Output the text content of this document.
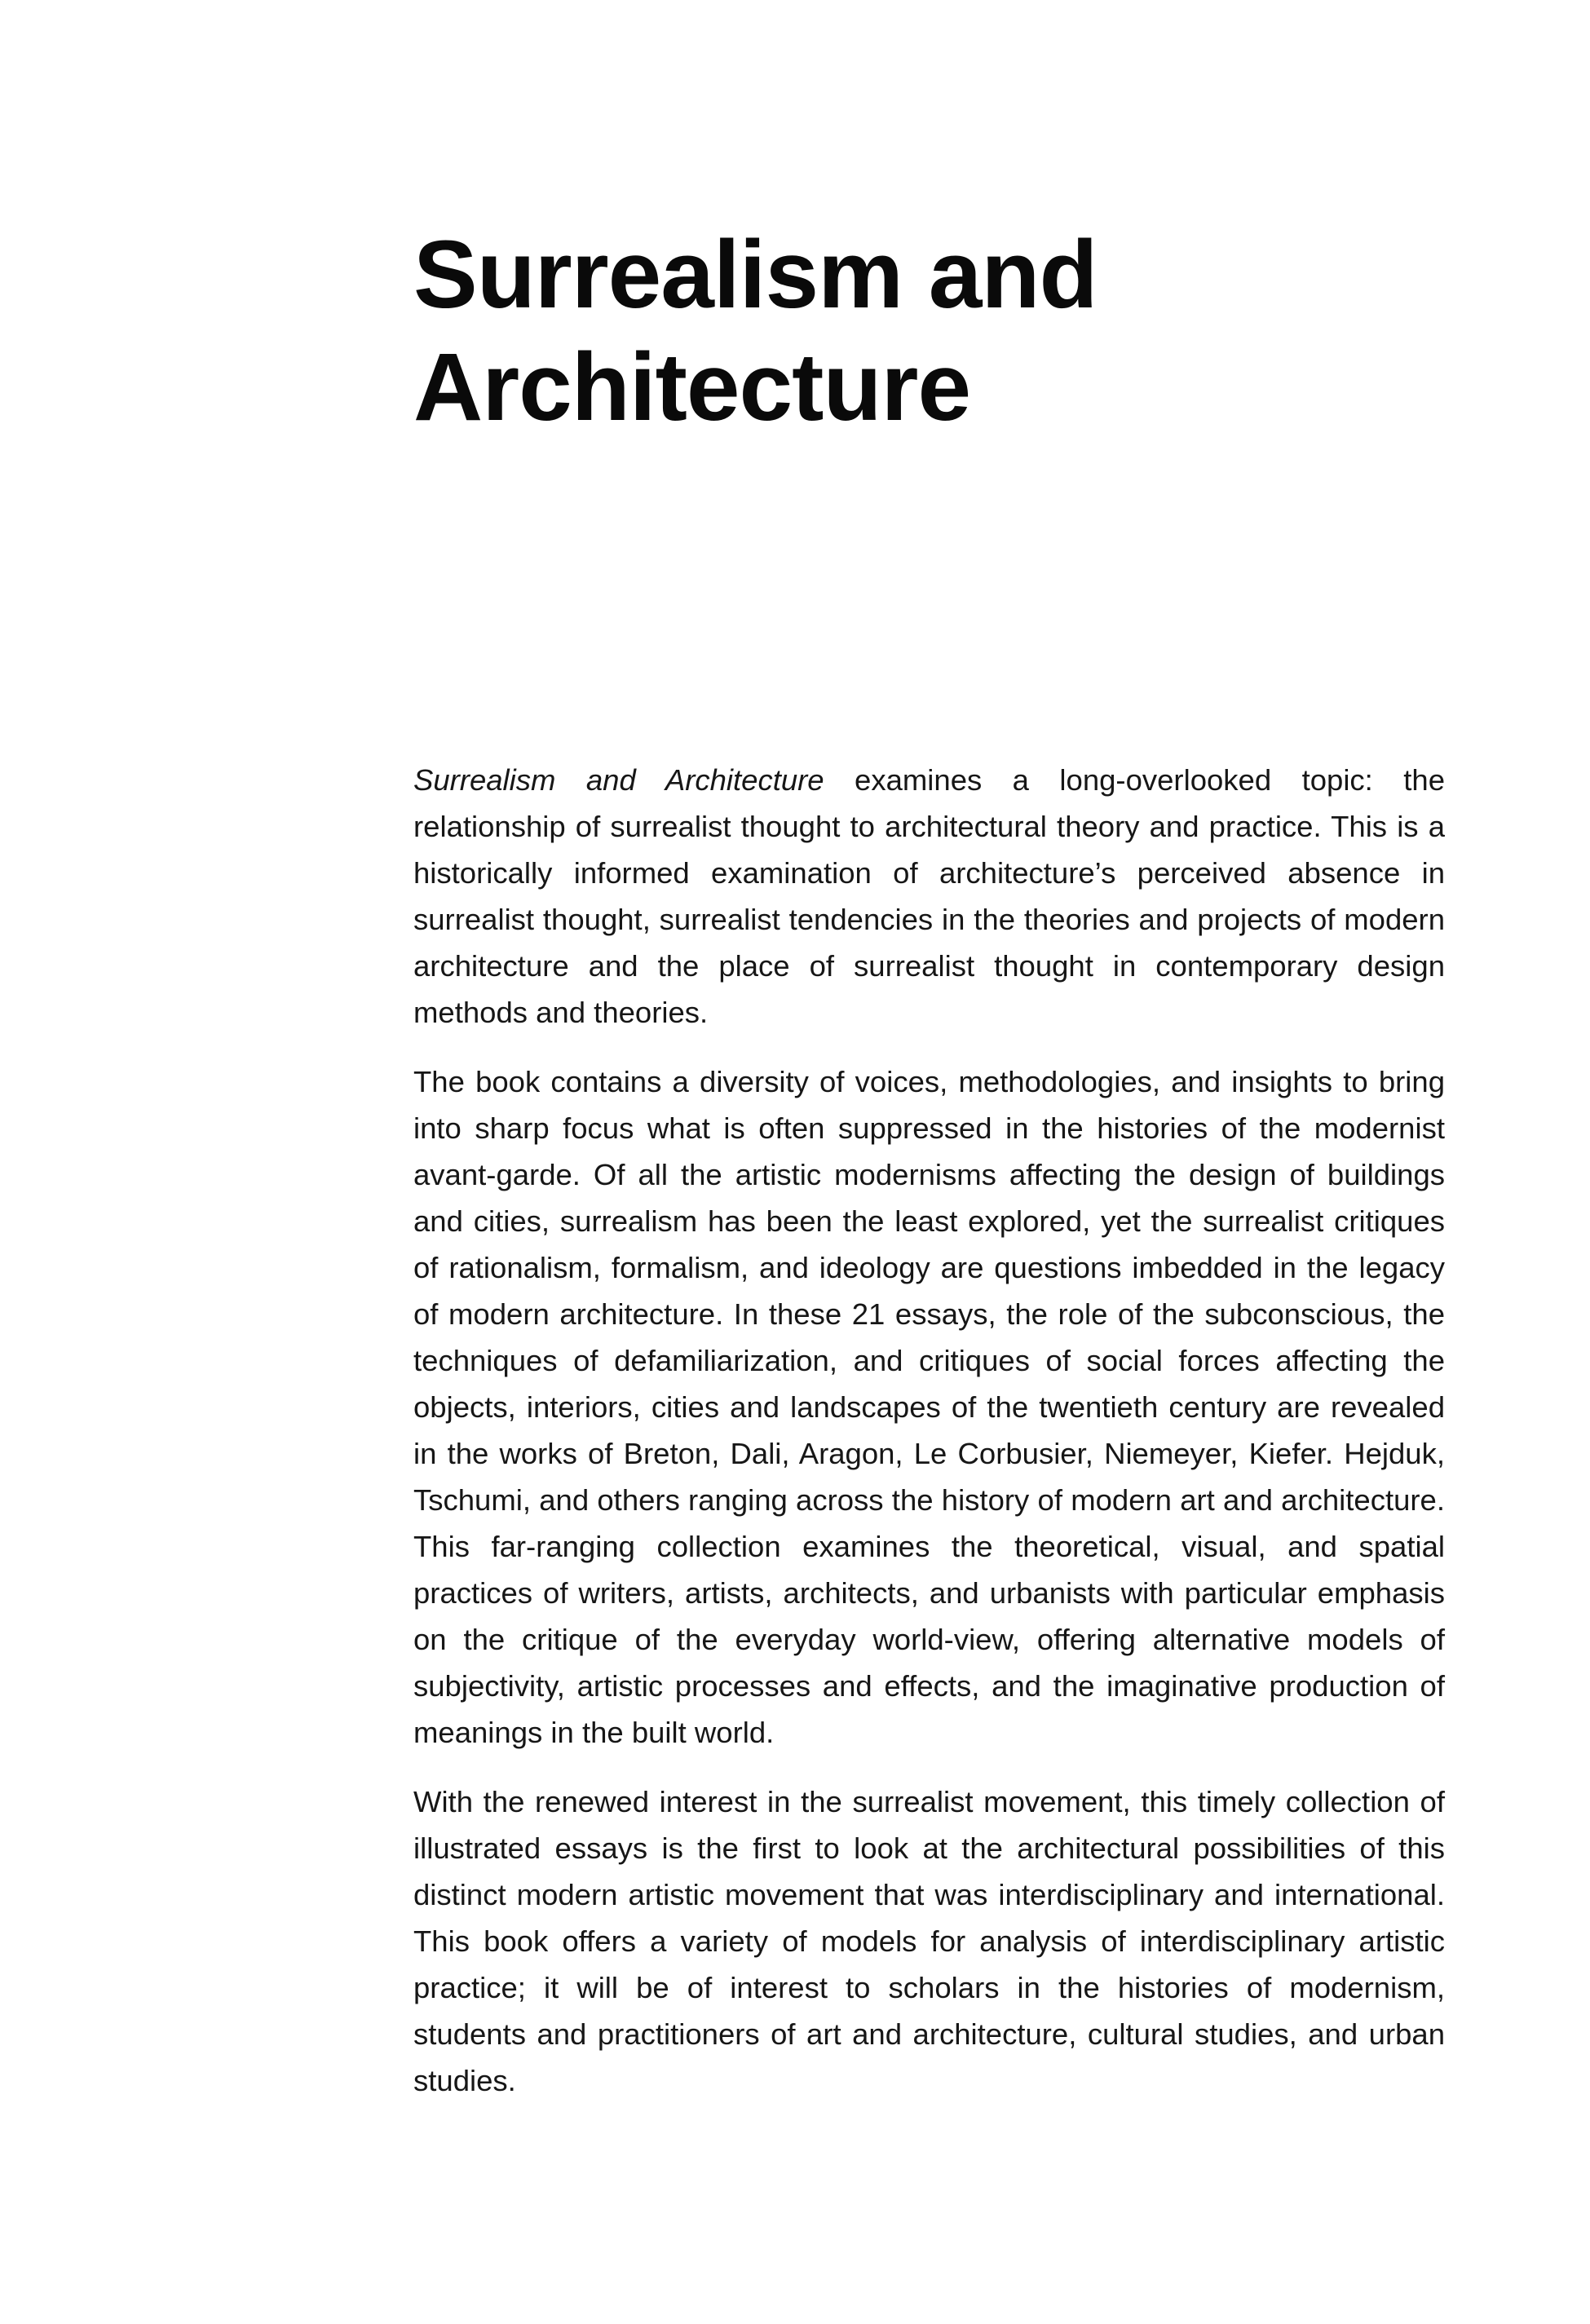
Surrealism and
Architecture

Surrealism and Architecture examines a long-overlooked topic: the relationship of surrealist thought to architectural theory and practice. This is a historically informed examination of architecture’s perceived absence in surrealist thought, surrealist tendencies in the theories and projects of modern architecture and the place of surrealist thought in contemporary design methods and theories.

The book contains a diversity of voices, methodologies, and insights to bring into sharp focus what is often suppressed in the histories of the modernist avant-garde. Of all the artistic modernisms affecting the design of buildings and cities, surrealism has been the least explored, yet the surrealist critiques of rationalism, formalism, and ideology are questions imbedded in the legacy of modern architecture. In these 21 essays, the role of the subconscious, the techniques of defamiliarization, and critiques of social forces affecting the objects, interiors, cities and landscapes of the twentieth century are revealed in the works of Breton, Dali, Aragon, Le Corbusier, Niemeyer, Kiefer. Hejduk, Tschumi, and others ranging across the history of modern art and architecture. This far-ranging collection examines the theoretical, visual, and spatial practices of writers, artists, architects, and urbanists with particular emphasis on the critique of the everyday world-view, offering alternative models of subjectivity, artistic processes and effects, and the imaginative production of meanings in the built world.

With the renewed interest in the surrealist movement, this timely collection of illustrated essays is the first to look at the architectural possibilities of this distinct modern artistic movement that was interdisciplinary and international. This book offers a variety of models for analysis of interdisciplinary artistic practice; it will be of interest to scholars in the histories of modernism, students and practitioners of art and architecture, cultural studies, and urban studies.
